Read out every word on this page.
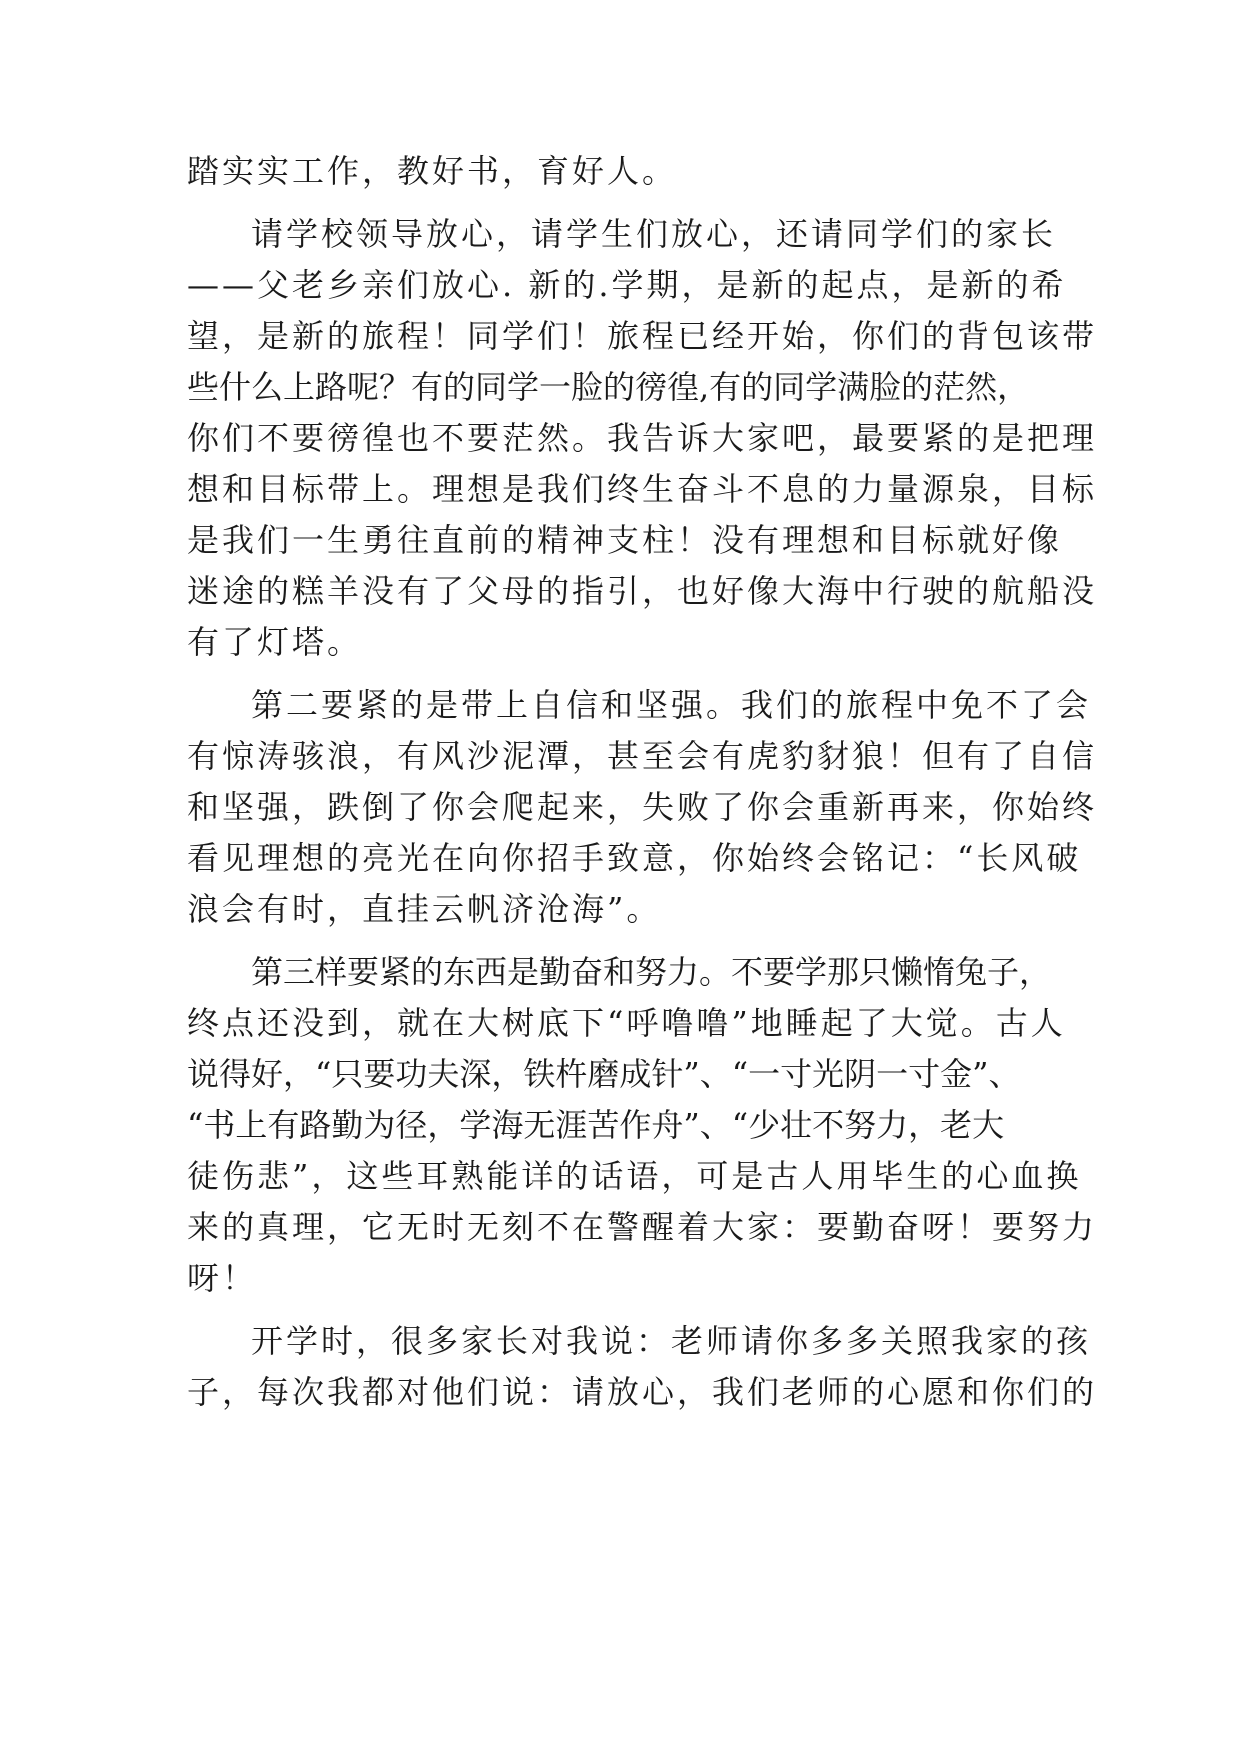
踏实实工作，教好书，育好人。
请学校领导放心，请学生们放心，还请同学们的家长
——父老乡亲们放心. 新的.学期，是新的起点，是新的希
望，是新的旅程！同学们！旅程已经开始，你们的背包该带
些什么上路呢？有的同学一脸的徬徨,有的同学满脸的茫然，
你们不要徬徨也不要茫然。我告诉大家吧，最要紧的是把理
想和目标带上。理想是我们终生奋斗不息的力量源泉，目标
是我们一生勇往直前的精神支柱！没有理想和目标就好像
迷途的糕羊没有了父母的指引，也好像大海中行驶的航船没
有了灯塔。
第二要紧的是带上自信和坚强。我们的旅程中免不了会
有惊涛骇浪，有风沙泥潭，甚至会有虎豹豺狼！但有了自信
和坚强，跌倒了你会爬起来，失败了你会重新再来，你始终
看见理想的亮光在向你招手致意，你始终会铭记：“长风破
浪会有时，直挂云帆济沧海”。
第三样要紧的东西是勤奋和努力。不要学那只懒惰兔子，
终点还没到，就在大树底下“呼噜噜”地睡起了大觉。古人
说得好，“只要功夫深，铁杵磨成针”、“一寸光阴一寸金”、
“书上有路勤为径，学海无涯苦作舟”、“少壮不努力，老大
徒伤悲”，这些耳熟能详的话语，可是古人用毕生的心血换
来的真理，它无时无刻不在警醒着大家：要勤奋呀！要努力
呀！
开学时，很多家长对我说：老师请你多多关照我家的孩
子，每次我都对他们说：请放心，我们老师的心愿和你们的
